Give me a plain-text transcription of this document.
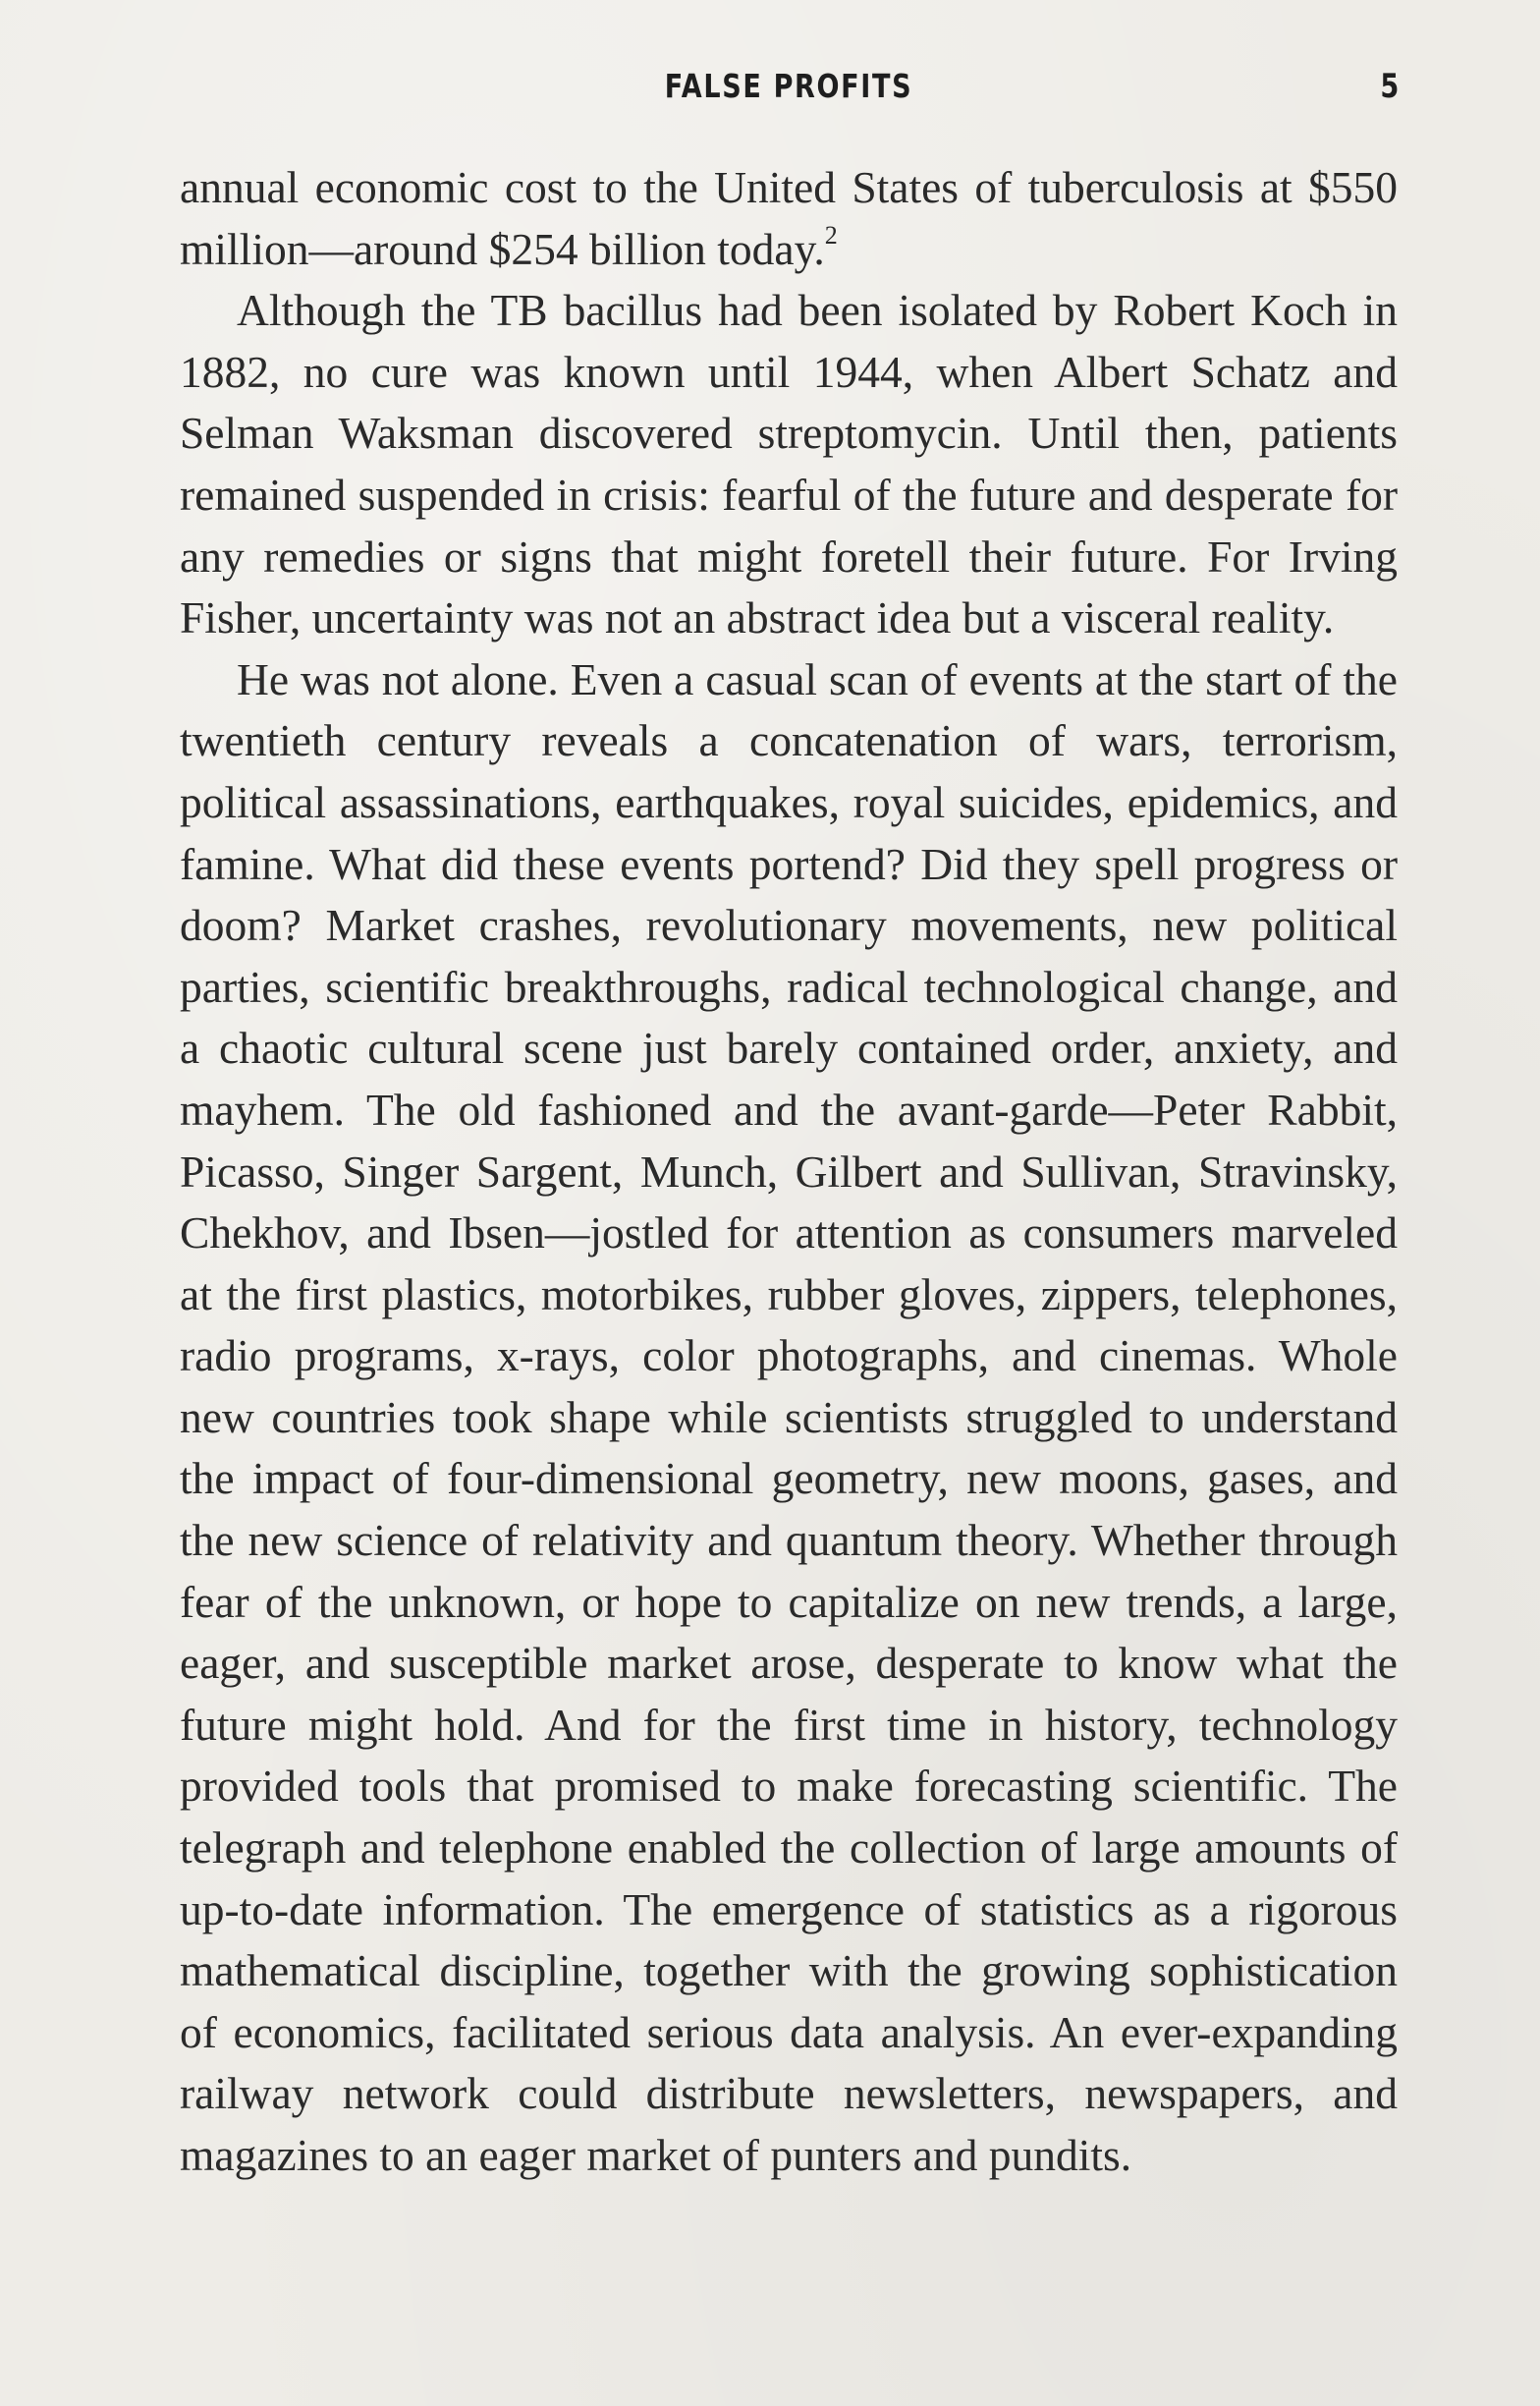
FALSE PROFITS	5

annual economic cost to the United States of tuberculosis at $550 million—around $254 billion today.$^2$

Although the TB bacillus had been isolated by Robert Koch in 1882, no cure was known until 1944, when Albert Schatz and Selman Waksman discovered streptomycin. Until then, patients remained suspended in crisis: fearful of the future and desperate for any remedies or signs that might foretell their future. For Irving Fisher, uncertainty was not an abstract idea but a visceral reality.

He was not alone. Even a casual scan of events at the start of the twentieth century reveals a concatenation of wars, terrorism, political assassinations, earthquakes, royal suicides, epidemics, and famine. What did these events portend? Did they spell progress or doom? Market crashes, revolutionary movements, new political parties, scientific breakthroughs, radical technological change, and a chaotic cultural scene just barely contained order, anxiety, and mayhem. The old fashioned and the avant-garde—Peter Rabbit, Picasso, Singer Sargent, Munch, Gilbert and Sullivan, Stravinsky, Chekhov, and Ibsen—jostled for attention as consumers marveled at the first plastics, motorbikes, rubber gloves, zippers, telephones, radio programs, x-rays, color photographs, and cinemas. Whole new countries took shape while scientists struggled to understand the impact of four-dimensional geometry, new moons, gases, and the new science of relativity and quantum theory. Whether through fear of the unknown, or hope to capitalize on new trends, a large, eager, and susceptible market arose, desperate to know what the future might hold. And for the first time in history, technology provided tools that promised to make forecasting scientific. The telegraph and telephone enabled the collection of large amounts of up-to-date information. The emergence of statistics as a rigorous mathematical discipline, together with the growing sophistication of economics, facilitated serious data analysis. An ever-expanding railway network could distribute newsletters, newspapers, and magazines to an eager market of punters and pundits.
